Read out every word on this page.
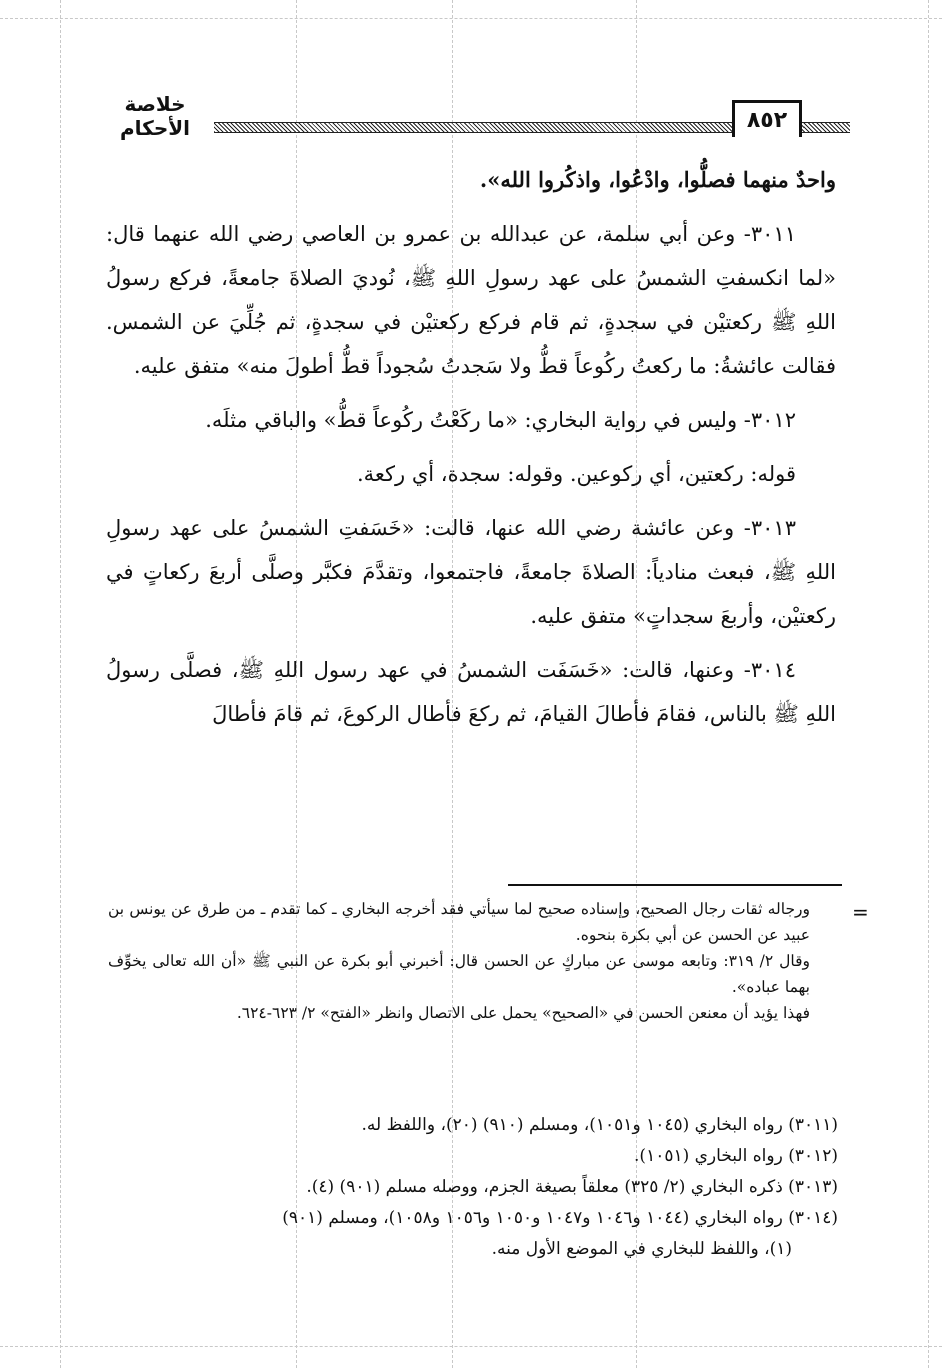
خلاصة الأحكام	٨٥٢

واحدٌ منهما فصلُّوا، وادْعُوا، واذكُروا الله».

٣٠١١- وعن أبي سلمة، عن عبدالله بن عمرو بن العاصي رضي الله عنهما قال: «لما انكسفتِ الشمسُ على عهد رسولِ اللهِ ﷺ، نُوديَ الصلاةَ جامعةً، فركع رسولُ اللهِ ﷺ ركعتيْن في سجدةٍ، ثم قام فركع ركعتيْن في سجدةٍ، ثم جُلِّيَ عن الشمس. فقالت عائشةُ: ما ركعتُ ركُوعاً قطُّ ولا سَجدتُ سُجوداً قطُّ أطولَ منه» متفق عليه.

٣٠١٢- وليس في رواية البخاري: «ما ركَعْتُ ركُوعاً قطُّ» والباقي مثلَه.

قوله: ركعتين، أي ركوعين. وقوله: سجدة، أي ركعة.

٣٠١٣- وعن عائشة رضي الله عنها، قالت: «خَسَفتِ الشمسُ على عهد رسولِ اللهِ ﷺ، فبعث منادياً: الصلاةَ جامعةً، فاجتمعوا، وتقدَّمَ فكبَّر وصلَّى أربعَ ركعاتٍ في ركعتيْن، وأربعَ سجداتٍ» متفق عليه.

٣٠١٤- وعنها، قالت: «خَسَفَت الشمسُ في عهد رسول اللهِ ﷺ، فصلَّى رسولُ اللهِ ﷺ بالناس، فقامَ فأطالَ القيامَ، ثم ركعَ فأطال الركوعَ، ثم قامَ فأطالَ

=
ورجاله ثقات رجال الصحيح، وإسناده صحيح لما سيأتي فقد أخرجه البخاري ـ كما تقدم ـ من طرق عن يونس بن عبيد عن الحسن عن أبي بكرة بنحوه.
وقال ٢/ ٣١٩: وتابعه موسى عن مباركٍ عن الحسن قال: أخبرني أبو بكرة عن النبي ﷺ «أن الله تعالى يخوِّف بهما عباده».
فهذا يؤيد أن معنعن الحسن في «الصحيح» يحمل على الاتصال وانظر «الفتح» ٢/ ٦٢٣-٦٢٤.
(٣٠١١) رواه البخاري (١٠٤٥ و١٠٥١)، ومسلم (٩١٠) (٢٠)، واللفظ له.
(٣٠١٢) رواه البخاري (١٠٥١).
(٣٠١٣) ذكره البخاري (٢/ ٣٢٥) معلقاً بصيغة الجزم، ووصله مسلم (٩٠١) (٤).
(٣٠١٤) رواه البخاري (١٠٤٤ و١٠٤٦ و١٠٤٧ و١٠٥٠ و١٠٥٦ و١٠٥٨)، ومسلم (٩٠١)
(١)، واللفظ للبخاري في الموضع الأول منه.
